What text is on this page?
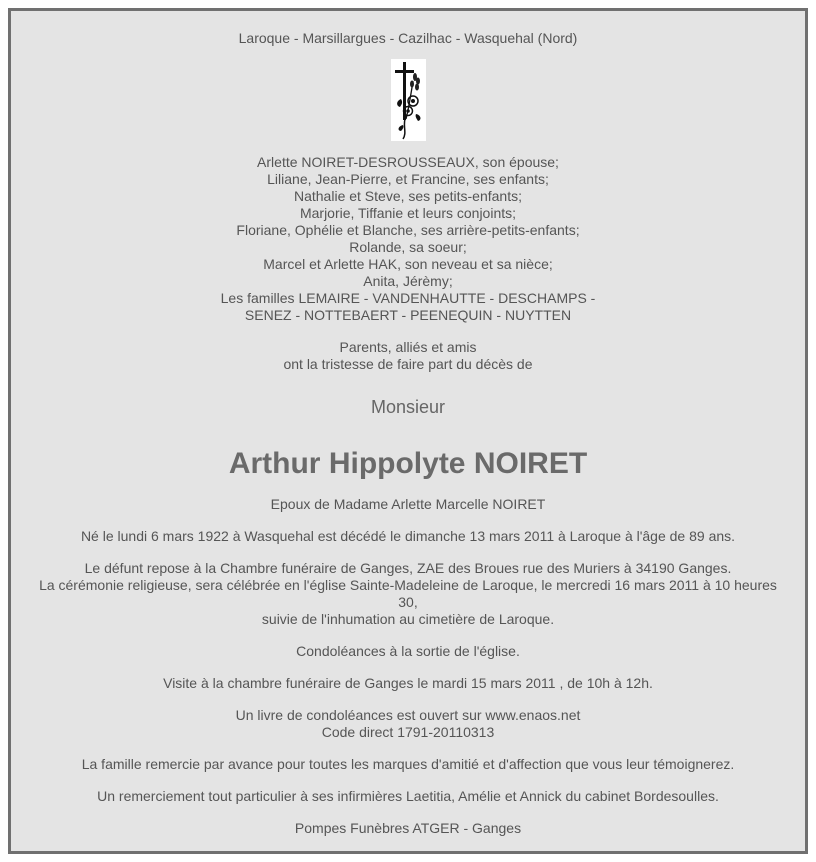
Laroque - Marsillargues - Cazilhac - Wasquehal (Nord)
Arlette NOIRET-DESROUSSEAUX, son épouse;
Liliane, Jean-Pierre, et Francine, ses enfants;
Nathalie et Steve, ses petits-enfants;
Marjorie, Tiffanie et leurs conjoints;
Floriane, Ophélie et Blanche, ses arrière-petits-enfants;
Rolande, sa soeur;
Marcel et Arlette HAK, son neveau et sa nièce;
Anita, Jérèmy;
Les familles LEMAIRE - VANDENHAUTTE - DESCHAMPS -
SENEZ - NOTTEBAERT - PEENEQUIN - NUYTTEN
Parents, alliés et amis
ont la tristesse de faire part du décès de
Monsieur
Arthur Hippolyte NOIRET
Epoux de Madame Arlette Marcelle NOIRET
Né le lundi 6 mars 1922 à Wasquehal est décédé le dimanche 13 mars 2011 à Laroque à l'âge de 89 ans.
Le défunt repose à la Chambre funéraire de Ganges, ZAE des Broues rue des Muriers à 34190 Ganges.
La cérémonie religieuse, sera célébrée en l'église Sainte-Madeleine de Laroque, le mercredi 16 mars 2011 à 10 heures 30,
suivie de l'inhumation au cimetière de Laroque.
Condoléances à la sortie de l'église.
Visite à la chambre funéraire de Ganges le mardi 15 mars 2011 , de 10h à 12h.
Un livre de condoléances est ouvert sur www.enaos.net
Code direct 1791-20110313
La famille remercie par avance pour toutes les marques d'amitié et d'affection que vous leur témoignerez.
Un remerciement tout particulier à ses infirmières Laetitia, Amélie et Annick du cabinet Bordesoulles.
Pompes Funèbres ATGER - Ganges
